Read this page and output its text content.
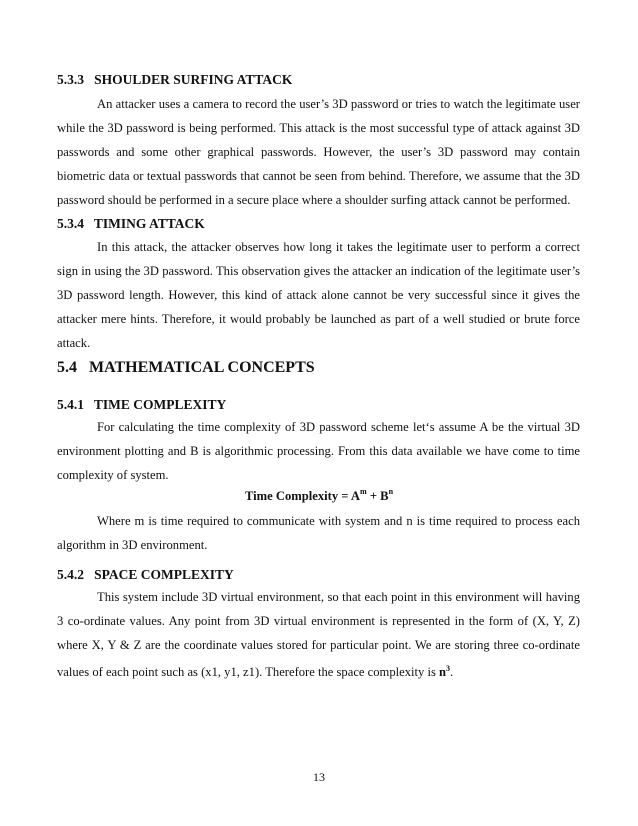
5.3.3 SHOULDER SURFING ATTACK

An attacker uses a camera to record the user’s 3D password or tries to watch the legitimate user while the 3D password is being performed. This attack is the most successful type of attack against 3D passwords and some other graphical passwords. However, the user’s 3D password may contain biometric data or textual passwords that cannot be seen from behind. Therefore, we assume that the 3D password should be performed in a secure place where a shoulder surfing attack cannot be performed.

5.3.4 TIMING ATTACK

In this attack, the attacker observes how long it takes the legitimate user to perform a correct sign in using the 3D password. This observation gives the attacker an indication of the legitimate user’s 3D password length. However, this kind of attack alone cannot be very successful since it gives the attacker mere hints. Therefore, it would probably be launched as part of a well studied or brute force attack.

5.4 MATHEMATICAL CONCEPTS
5.4.1 TIME COMPLEXITY

For calculating the time complexity of 3D password scheme let‘s assume A be the virtual 3D environment plotting and B is algorithmic processing. From this data available we have come to time complexity of system.

Time Complexity = $A^m + B^n$

Where m is time required to communicate with system and n is time required to process each algorithm in 3D environment.

5.4.2 SPACE COMPLEXITY

This system include 3D virtual environment, so that each point in this environment will having 3 co-ordinate values. Any point from 3D virtual environment is represented in the form of (X, Y, Z) where X, Y & Z are the coordinate values stored for particular point. We are storing three co-ordinate values of each point such as (x1, y1, z1). Therefore the space complexity is $n^3$.

13
